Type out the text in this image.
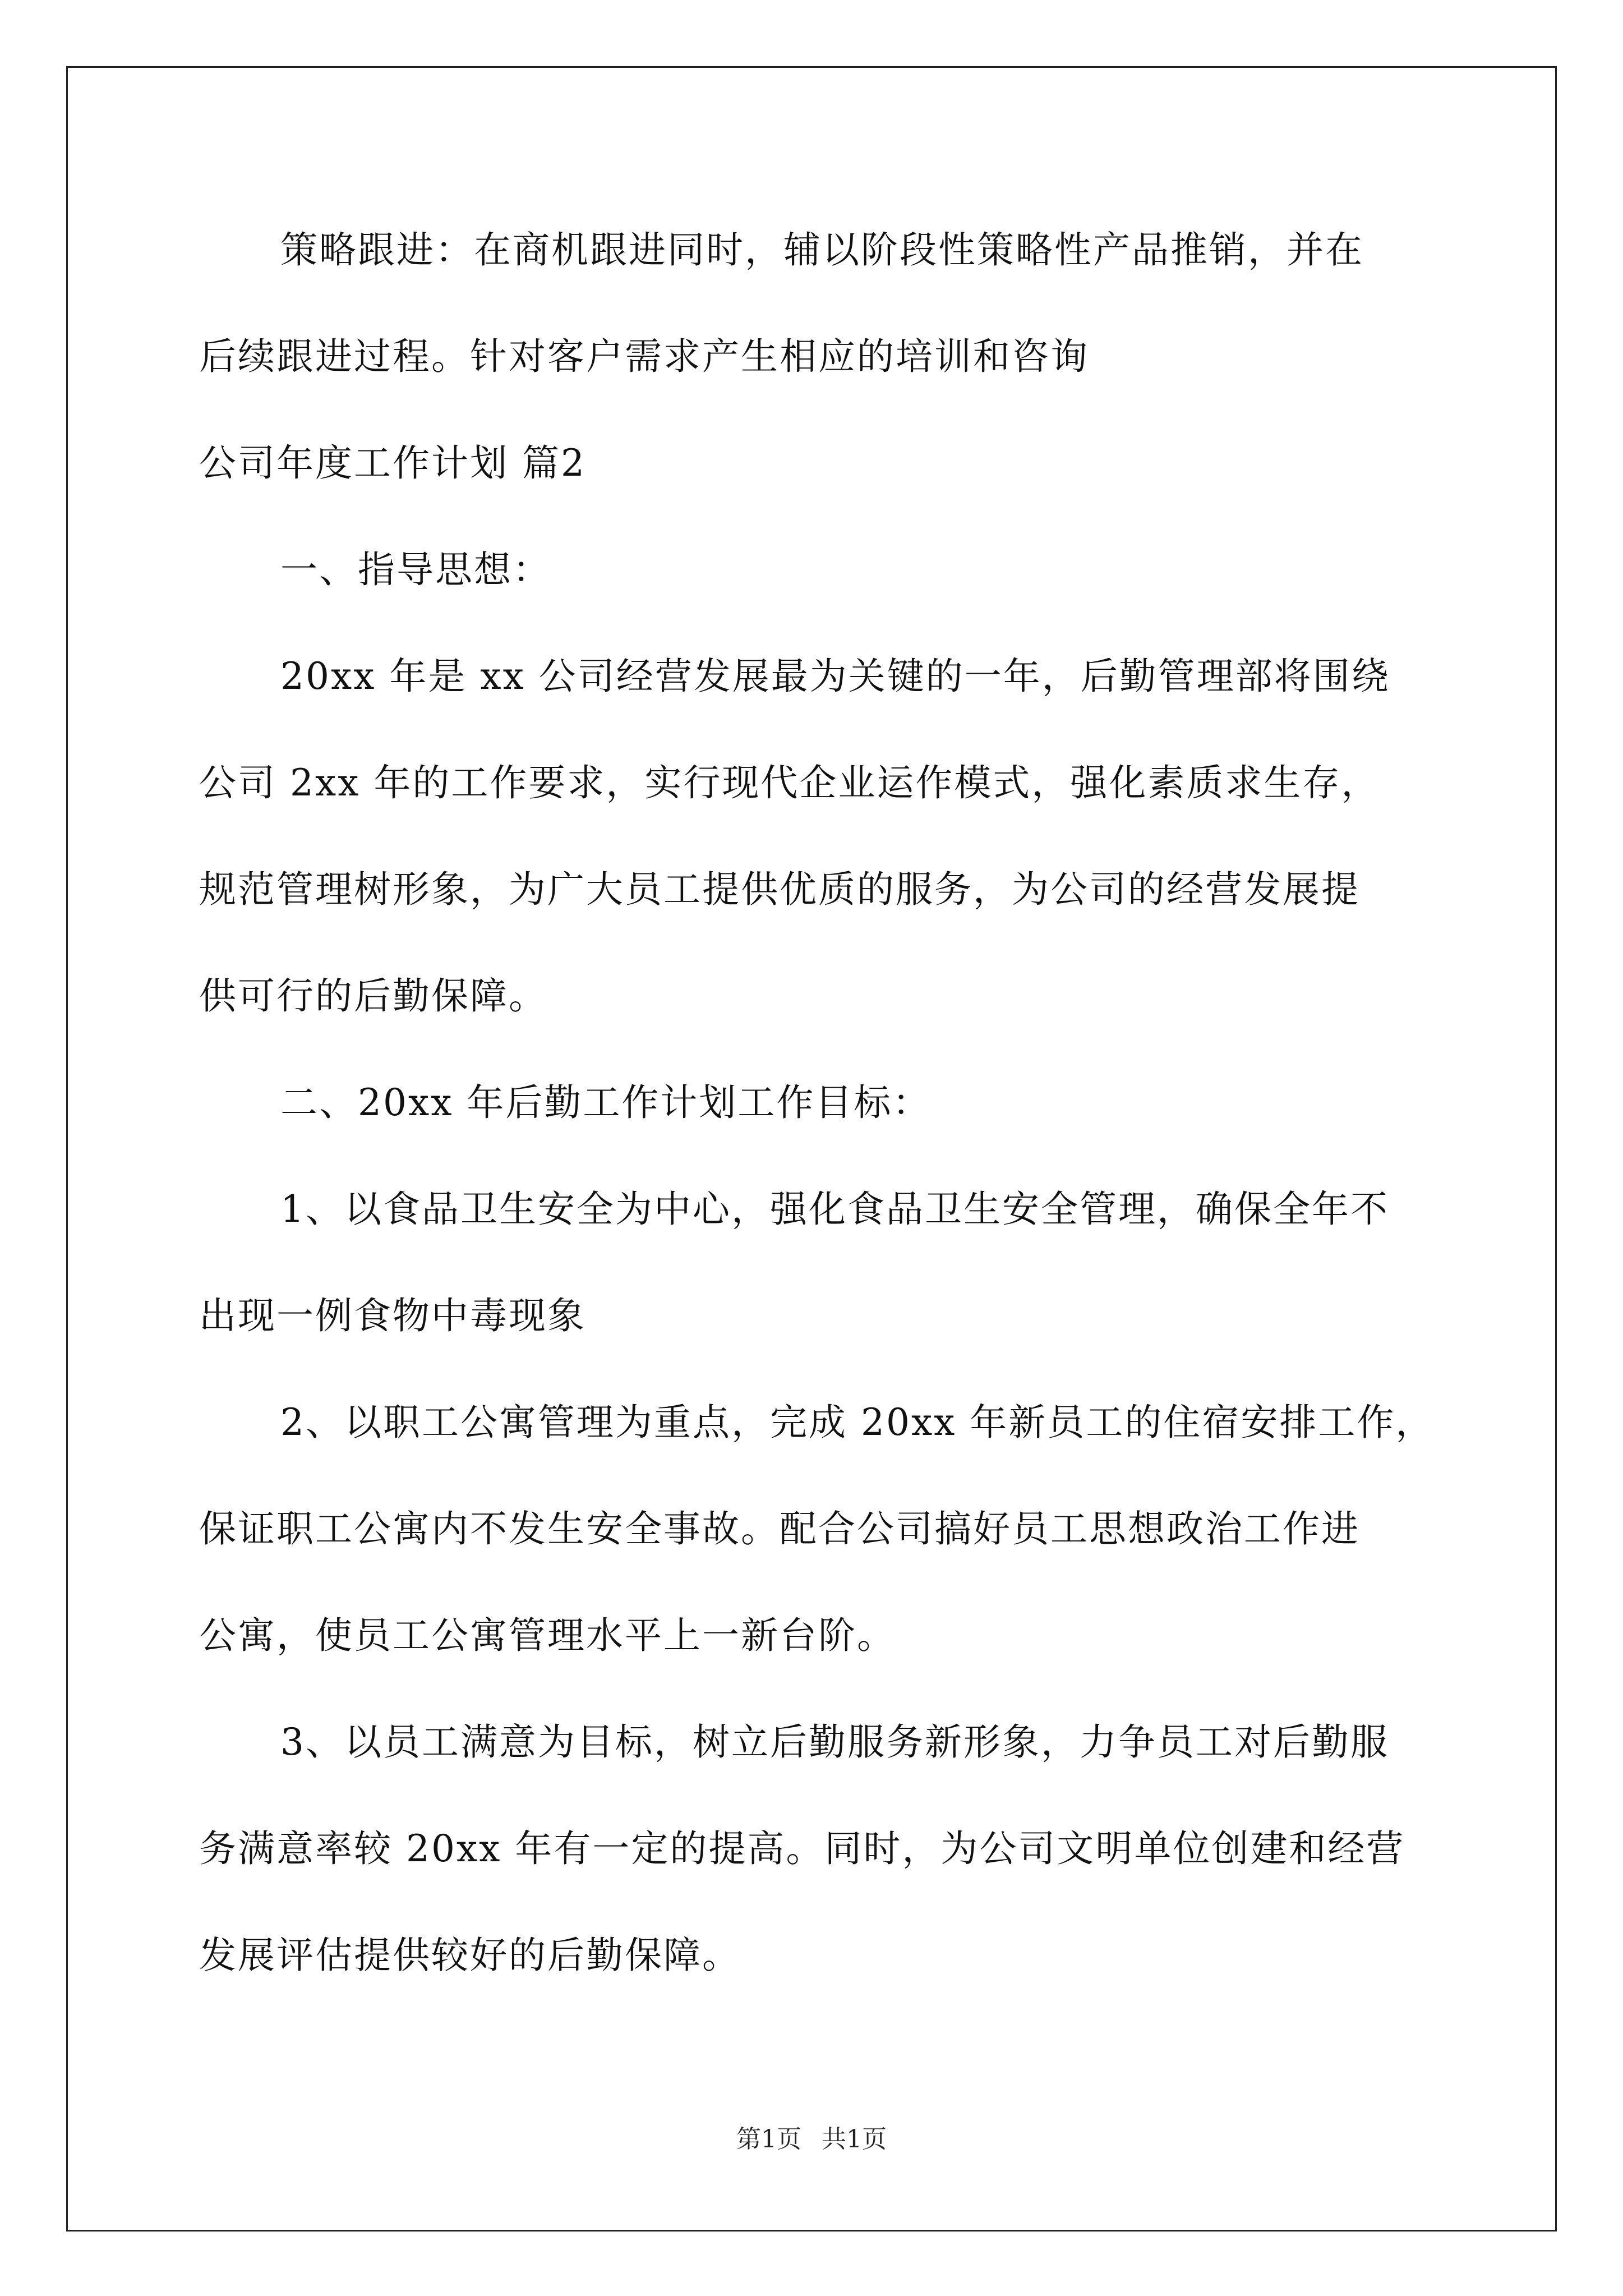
策略跟进：在商机跟进同时，辅以阶段性策略性产品推销，并在

后续跟进过程。针对客户需求产生相应的培训和咨询

公司年度工作计划 篇2

一、指导思想：

20xx 年是 xx 公司经营发展最为关键的一年，后勤管理部将围绕

公司 2xx 年的工作要求，实行现代企业运作模式，强化素质求生存，

规范管理树形象，为广大员工提供优质的服务，为公司的经营发展提

供可行的后勤保障。

二、20xx 年后勤工作计划工作目标：

1、以食品卫生安全为中心，强化食品卫生安全管理，确保全年不

出现一例食物中毒现象

2、以职工公寓管理为重点，完成 20xx 年新员工的住宿安排工作，

保证职工公寓内不发生安全事故。配合公司搞好员工思想政治工作进

公寓，使员工公寓管理水平上一新台阶。

3、以员工满意为目标，树立后勤服务新形象，力争员工对后勤服

务满意率较 20xx 年有一定的提高。同时，为公司文明单位创建和经营

发展评估提供较好的后勤保障。

第1页 共1页
